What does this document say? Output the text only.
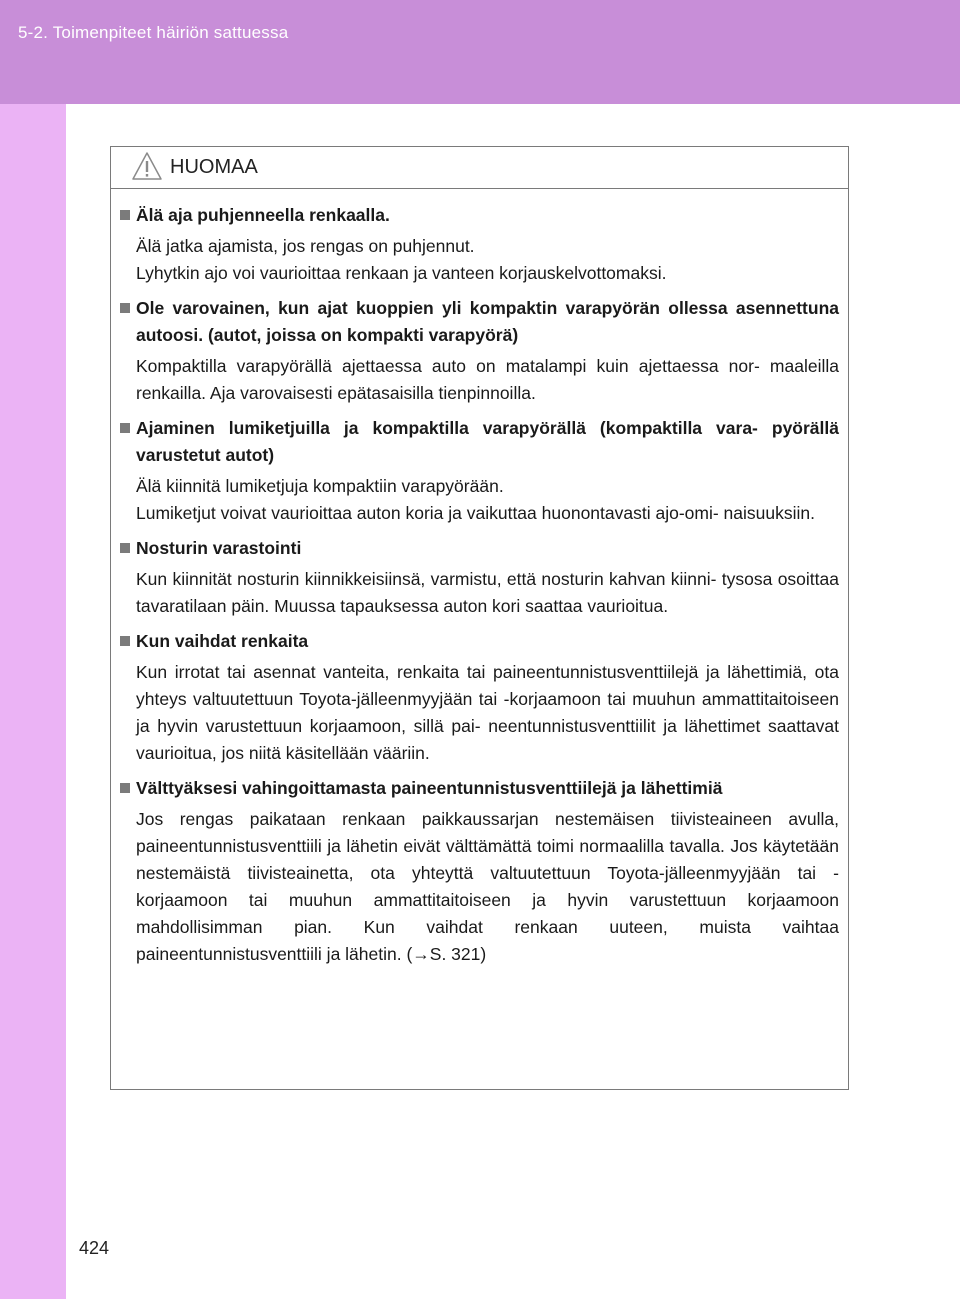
5-2. Toimenpiteet häiriön sattuessa
HUOMAA
Älä aja puhjenneella renkaalla.

Älä jatka ajamista, jos rengas on puhjennut.

Lyhytkin ajo voi vaurioittaa renkaan ja vanteen korjauskelvottomaksi.

Ole varovainen, kun ajat kuoppien yli kompaktin varapyörän ollessa asennettuna autoosi. (autot, joissa on kompakti varapyörä)

Kompaktilla varapyörällä ajettaessa auto on matalampi kuin ajettaessa nor- maaleilla renkailla. Aja varovaisesti epätasaisilla tienpinnoilla.

Ajaminen lumiketjuilla ja kompaktilla varapyörällä (kompaktilla vara- pyörällä varustetut autot)

Älä kiinnitä lumiketjuja kompaktiin varapyörään.

Lumiketjut voivat vaurioittaa auton koria ja vaikuttaa huonontavasti ajo-omi- naisuuksiin.

Nosturin varastointi

Kun kiinnität nosturin kiinnikkeisiinsä, varmistu, että nosturin kahvan kiinni- tysosa osoittaa tavaratilaan päin. Muussa tapauksessa auton kori saattaa vaurioitua.

Kun vaihdat renkaita

Kun irrotat tai asennat vanteita, renkaita tai paineentunnistusventtiilejä ja lähettimiä, ota yhteys valtuutettuun Toyota-jälleenmyyjään tai -korjaamoon tai muuhun ammattitaitoiseen ja hyvin varustettuun korjaamoon, sillä pai- neentunnistusventtiilit ja lähettimet saattavat vaurioitua, jos niitä käsitellään vääriin.

Välttyäksesi vahingoittamasta paineentunnistusventtiilejä ja lähettimiä

Jos rengas paikataan renkaan paikkaussarjan nestemäisen tiivisteaineen avulla, paineentunnistusventtiili ja lähetin eivät välttämättä toimi normaalilla tavalla. Jos käytetään nestemäistä tiivisteainetta, ota yhteyttä valtuutettuun Toyota-jälleenmyyjään tai -korjaamoon tai muuhun ammattitaitoiseen ja hyvin varustettuun korjaamoon mahdollisimman pian. Kun vaihdat renkaan uuteen, muista vaihtaa paineentunnistusventtiili ja lähetin. (→S. 321)

424
